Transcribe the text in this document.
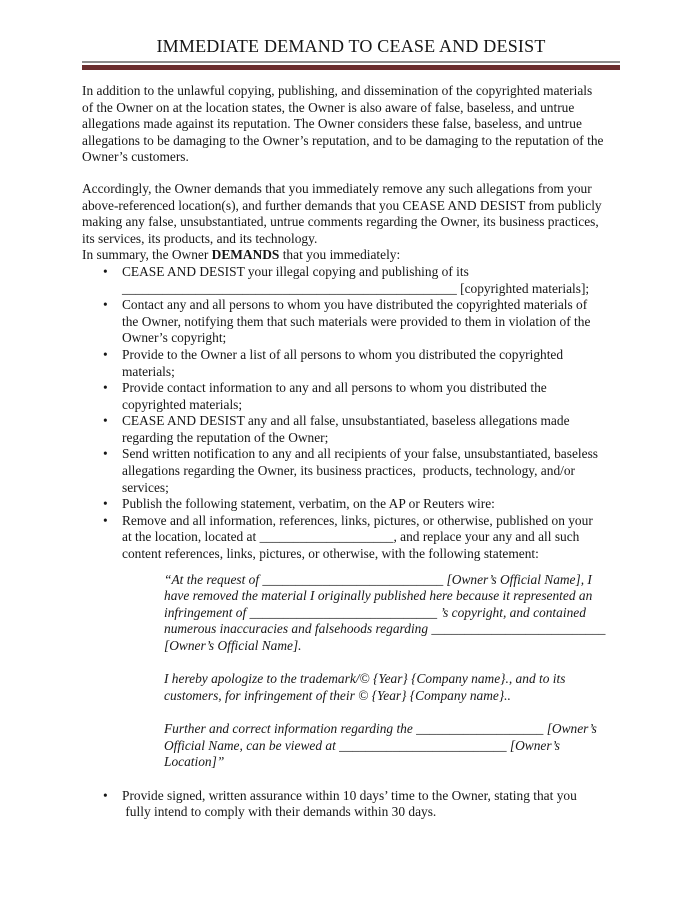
IMMEDIATE DEMAND TO CEASE AND DESIST
In addition to the unlawful copying, publishing, and dissemination of the copyrighted materials
of the Owner on at the location states, the Owner is also aware of false, baseless, and untrue
allegations made against its reputation. The Owner considers these false, baseless, and untrue
allegations to be damaging to the Owner’s reputation, and to be damaging to the reputation of the
Owner’s customers.
Accordingly, the Owner demands that you immediately remove any such allegations from your
above-referenced location(s), and further demands that you CEASE AND DESIST from publicly
making any false, unsubstantiated, untrue comments regarding the Owner, its business practices,
its services, its products, and its technology.
In summary, the Owner DEMANDS that you immediately:
•	CEASE AND DESIST your illegal copying and publishing of its
__________________________________________________ [copyrighted materials];
•	Contact any and all persons to whom you have distributed the copyrighted materials of
the Owner, notifying them that such materials were provided to them in violation of the
Owner’s copyright;
•	Provide to the Owner a list of all persons to whom you distributed the copyrighted
materials;
•	Provide contact information to any and all persons to whom you distributed the
copyrighted materials;
•	CEASE AND DESIST any and all false, unsubstantiated, baseless allegations made
regarding the reputation of the Owner;
•	Send written notification to any and all recipients of your false, unsubstantiated, baseless
allegations regarding the Owner, its business practices,  products, technology, and/or
services;
•	Publish the following statement, verbatim, on the AP or Reuters wire:
•	Remove and all information, references, links, pictures, or otherwise, published on your
at the location, located at ____________________, and replace your any and all such
content references, links, pictures, or otherwise, with the following statement:
“At the request of ___________________________ [Owner’s Official Name], I
have removed the material I originally published here because it represented an
infringement of ____________________________ ’s copyright, and contained
numerous inaccuracies and falsehoods regarding __________________________
[Owner’s Official Name].
I hereby apologize to the trademark/© {Year} {Company name}., and to its
customers, for infringement of their © {Year} {Company name}..
Further and correct information regarding the ___________________ [Owner’s
Official Name, can be viewed at _________________________ [Owner’s
Location]”
•	Provide signed, written assurance within 10 days’ time to the Owner, stating that you
fully intend to comply with their demands within 30 days.
